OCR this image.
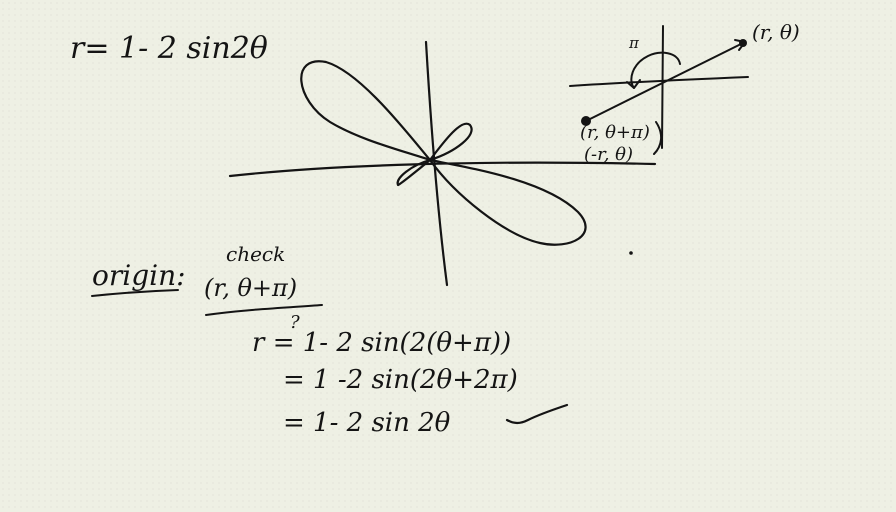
r= 1- 2 sin2θ	π	(r, θ)
(r, θ+π)
(-r, θ)
origin:
check
(r, θ+π)
?
r = 1- 2 sin(2(θ+π))
= 1 -2 sin(2θ+2π)
= 1- 2 sin 2θ
